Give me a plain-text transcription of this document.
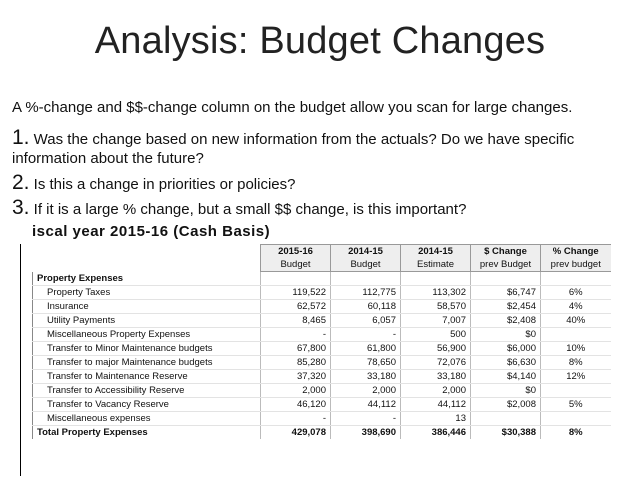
Analysis: Budget Changes
A %-change and $$-change column on the budget allow you scan for large changes.
1. Was the change based on new information from the actuals? Do we have specific information about the future?
2. Is this a change in priorities or policies?
3. If it is a large % change, but a small $$ change, is this important?
iscal year 2015-16 (Cash Basis)
	2015-16	2014-15	2014-15	$ Change	% Change
	Budget	Budget	Estimate	prev Budget	prev budget
Property Expenses					
Property Taxes	119,522	112,775	113,302	$6,747	6%
Insurance	62,572	60,118	58,570	$2,454	4%
Utility Payments	8,465	6,057	7,007	$2,408	40%
Miscellaneous Property Expenses	-	-	500	$0	
Transfer to Minor Maintenance budgets	67,800	61,800	56,900	$6,000	10%
Transfer to major Maintenance budgets	85,280	78,650	72,076	$6,630	8%
Transfer to Maintenance Reserve	37,320	33,180	33,180	$4,140	12%
Transfer to Accessibility Reserve	2,000	2,000	2,000	$0	
Transfer to Vacancy Reserve	46,120	44,112	44,112	$2,008	5%
Miscellaneous expenses	-	-	13		
Total Property Expenses	429,078	398,690	386,446	$30,388	8%
